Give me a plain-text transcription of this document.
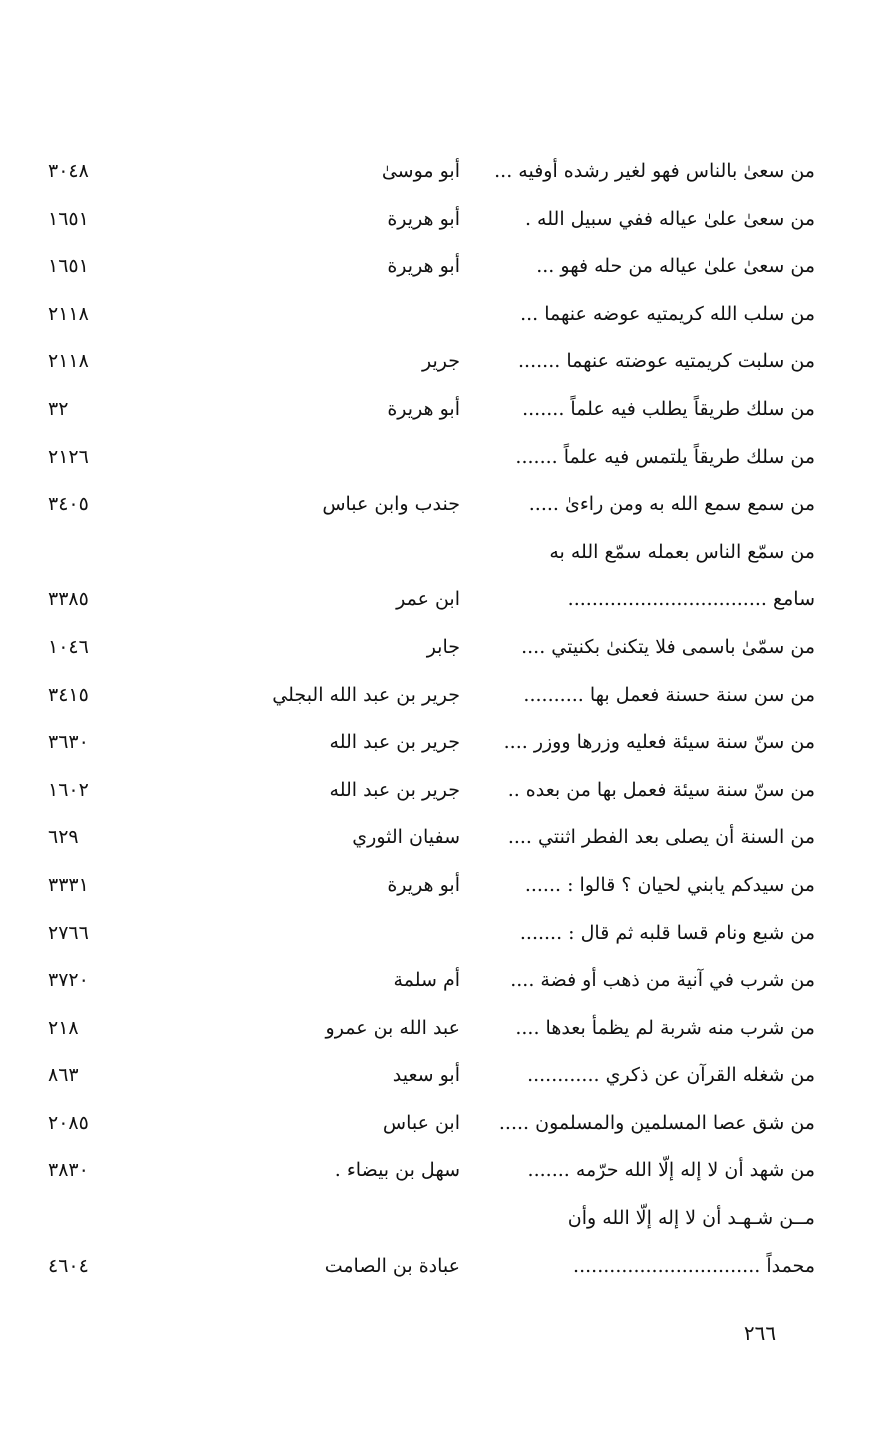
من سعىٰ بالناس فهو لغير رشده أوفيه ...
أبو موسىٰ
٣٠٤٨
من سعىٰ علىٰ عياله ففي سبيل الله .
أبو هريرة
١٦٥١
من سعىٰ علىٰ عياله من حله فهو ...
أبو هريرة
١٦٥١
من سلب الله كريمتيه عوضه عنهما ...
٢١١٨
من سلبت كريمتيه عوضته عنهما .......
جرير
٢١١٨
من سلك طريقاً يطلب فيه علماً .......
أبو هريرة
٣٢
من سلك طريقاً يلتمس فيه علماً .......
٢١٢٦
من سمع سمع الله به ومن راءىٰ .....
جندب وابن عباس
٣٤٠٥
من سمّع الناس بعمله سمّع الله به
سامع .................................
ابن عمر
٣٣٨٥
من سمّىٰ باسمى فلا يتكنىٰ بكنيتي ....
جابر
١٠٤٦
من سن سنة حسنة فعمل بها ..........
جرير بن عبد الله البجلي
٣٤١٥
من سنّ سنة سيئة فعليه وزرها ووزر ....
جرير بن عبد الله
٣٦٣٠
من سنّ سنة سيئة فعمل بها من بعده ..
جرير بن عبد الله
١٦٠٢
من السنة أن يصلى بعد الفطر اثنتي ....
سفيان الثوري
٦٢٩
من سيدكم يابني لحيان ؟ قالوا : ......
أبو هريرة
٣٣٣١
من شبع ونام قسا قلبه ثم قال : .......
٢٧٦٦
من شرب في آنية من ذهب أو فضة ....
أم سلمة
٣٧٢٠
من شرب منه شربة لم يظمأ بعدها ....
عبد الله بن عمرو
٢١٨
من شغله القرآن عن ذكري ............
أبو سعيد
٨٦٣
من شق عصا المسلمين والمسلمون .....
ابن عباس
٢٠٨٥
من شهد أن لا إله إلّا الله حرّمه .......
سهل بن بيضاء .
٣٨٣٠
مــن شـهـد أن لا إله إلّا الله وأن
محمداً ...............................
عبادة بن الصامت
٤٦٠٤
٢٦٦
